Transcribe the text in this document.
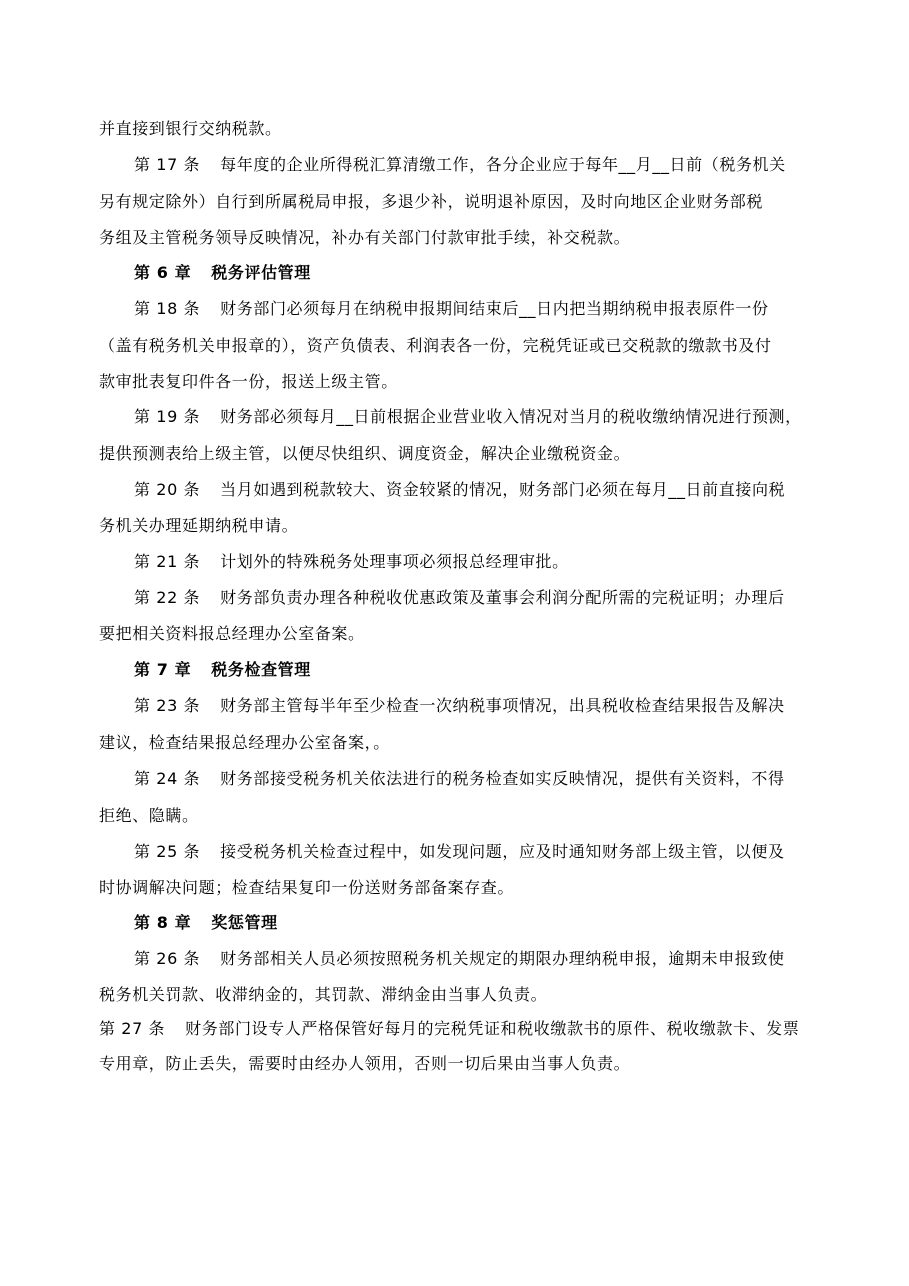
并直接到银行交纳税款。
第 17 条 每年度的企业所得税汇算清缴工作，各分企业应于每年__月__日前（税务机关
另有规定除外）自行到所属税局申报，多退少补，说明退补原因，及时向地区企业财务部税
务组及主管税务领导反映情况，补办有关部门付款审批手续，补交税款。
第 6 章 税务评估管理
第 18 条 财务部门必须每月在纳税申报期间结束后__日内把当期纳税申报表原件一份
（盖有税务机关申报章的），资产负债表、利润表各一份，完税凭证或已交税款的缴款书及付
款审批表复印件各一份，报送上级主管。
第 19 条 财务部必须每月__日前根据企业营业收入情况对当月的税收缴纳情况进行预测，
提供预测表给上级主管，以便尽快组织、调度资金，解决企业缴税资金。
第 20 条 当月如遇到税款较大、资金较紧的情况，财务部门必须在每月__日前直接向税
务机关办理延期纳税申请。
第 21 条 计划外的特殊税务处理事项必须报总经理审批。
第 22 条 财务部负责办理各种税收优惠政策及董事会利润分配所需的完税证明；办理后
要把相关资料报总经理办公室备案。
第 7 章 税务检查管理
第 23 条 财务部主管每半年至少检查一次纳税事项情况，出具税收检查结果报告及解决
建议，检查结果报总经理办公室备案，。
第 24 条 财务部接受税务机关依法进行的税务检查如实反映情况，提供有关资料，不得
拒绝、隐瞒。
第 25 条 接受税务机关检查过程中，如发现问题，应及时通知财务部上级主管，以便及
时协调解决问题；检查结果复印一份送财务部备案存查。
第 8 章 奖惩管理
第 26 条 财务部相关人员必须按照税务机关规定的期限办理纳税申报，逾期未申报致使
税务机关罚款、收滞纳金的，其罚款、滞纳金由当事人负责。
第 27 条 财务部门设专人严格保管好每月的完税凭证和税收缴款书的原件、税收缴款卡、发票
专用章，防止丢失，需要时由经办人领用，否则一切后果由当事人负责。
